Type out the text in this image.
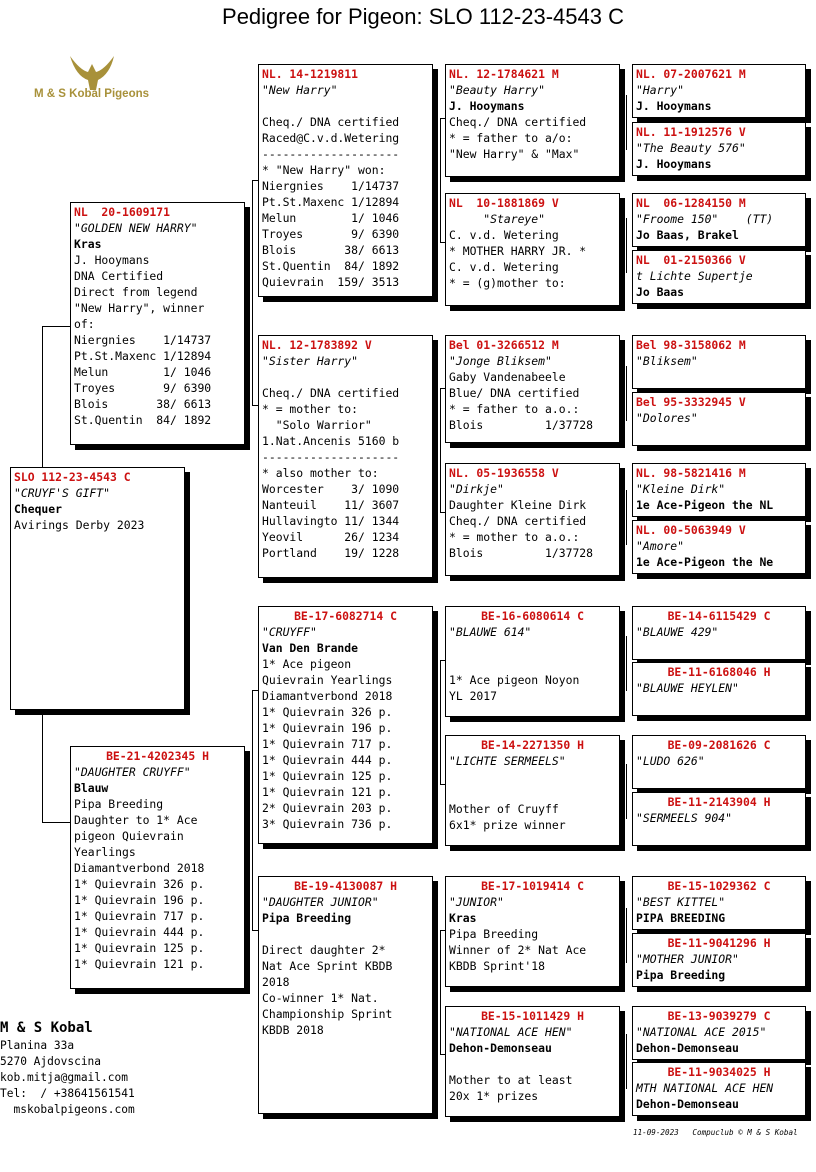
Pedigree for Pigeon: SLO 112-23-4543 C
M & S Kobal Pigeons
SLO 112-23-4543 C
"CRUYF'S GIFT"
Chequer
Avirings Derby 2023
NL  20-1609171
"GOLDEN NEW HARRY"
Kras
J. Hooymans
DNA Certified
Direct from legend
"New Harry", winner
of:
Niergnies    1/14737
Pt.St.Maxenc 1/12894
Melun        1/ 1046
Troyes       9/ 6390
Blois       38/ 6613
St.Quentin  84/ 1892
BE-21-4202345 H
"DAUGHTER CRUYFF"
Blauw
Pipa Breeding
Daughter to 1* Ace
pigeon Quievrain
Yearlings
Diamantverbond 2018
1* Quievrain 326 p.
1* Quievrain 196 p.
1* Quievrain 717 p.
1* Quievrain 444 p.
1* Quievrain 125 p.
1* Quievrain 121 p.
NL. 14-1219811
"New Harry"
Cheq./ DNA certified
Raced@C.v.d.Wetering
--------------------
* "New Harry" won:
Niergnies    1/14737
Pt.St.Maxenc 1/12894
Melun        1/ 1046
Troyes       9/ 6390
Blois       38/ 6613
St.Quentin  84/ 1892
Quievrain  159/ 3513
NL. 12-1783892 V
"Sister Harry"
Cheq./ DNA certified
* = mother to:
"Solo Warrior"
1.Nat.Ancenis 5160 b
--------------------
* also mother to:
Worcester    3/ 1090
Nanteuil    11/ 3607
Hullavingto 11/ 1344
Yeovil      26/ 1234
Portland    19/ 1228
BE-17-6082714 C
"CRUYFF"
Van Den Brande
1* Ace pigeon
Quievrain Yearlings
Diamantverbond 2018
1* Quievrain 326 p.
1* Quievrain 196 p.
1* Quievrain 717 p.
1* Quievrain 444 p.
1* Quievrain 125 p.
1* Quievrain 121 p.
2* Quievrain 203 p.
3* Quievrain 736 p.
BE-19-4130087 H
"DAUGHTER JUNIOR"
Pipa Breeding
Direct daughter 2*
Nat Ace Sprint KBDB
2018
Co-winner 1* Nat.
Championship Sprint
KBDB 2018
NL. 12-1784621 M
"Beauty Harry"
J. Hooymans
Cheq./ DNA certified
* = father to a/o:
"New Harry" & "Max"
NL  10-1881869 V
"Stareye"
C. v.d. Wetering
* MOTHER HARRY JR. *
C. v.d. Wetering
* = (g)mother to:
Bel 01-3266512 M
"Jonge Bliksem"
Gaby Vandenabeele
Blue/ DNA certified
* = father to a.o.:
Blois         1/37728
NL. 05-1936558 V
"Dirkje"
Daughter Kleine Dirk
Cheq./ DNA certified
* = mother to a.o.:
Blois         1/37728
BE-16-6080614 C
"BLAUWE 614"
1* Ace pigeon Noyon
YL 2017
BE-14-2271350 H
"LICHTE SERMEELS"
Mother of Cruyff
6x1* prize winner
BE-17-1019414 C
"JUNIOR"
Kras
Pipa Breeding
Winner of 2* Nat Ace
KBDB Sprint'18
BE-15-1011429 H
"NATIONAL ACE HEN"
Dehon-Demonseau
Mother to at least
20x 1* prizes
NL. 07-2007621 M
"Harry"
J. Hooymans
NL. 11-1912576 V
"The Beauty 576"
J. Hooymans
NL  06-1284150 M
"Froome 150"    (TT)
Jo Baas, Brakel
NL  01-2150366 V
t Lichte Supertje
Jo Baas
Bel 98-3158062 M
"Bliksem"
Bel 95-3332945 V
"Dolores"
NL. 98-5821416 M
"Kleine Dirk"
1e Ace-Pigeon the NL
NL. 00-5063949 V
"Amore"
1e Ace-Pigeon the Ne
BE-14-6115429 C
"BLAUWE 429"
BE-11-6168046 H
"BLAUWE HEYLEN"
BE-09-2081626 C
"LUDO 626"
BE-11-2143904 H
"SERMEELS 904"
BE-15-1029362 C
"BEST KITTEL"
PIPA BREEDING
BE-11-9041296 H
"MOTHER JUNIOR"
Pipa Breeding
BE-13-9039279 C
"NATIONAL ACE 2015"
Dehon-Demonseau
BE-11-9034025 H
MTH NATIONAL ACE HEN
Dehon-Demonseau
M & S Kobal
Planina 33a
5270 Ajdovscina
kob.mitja@gmail.com
Tel:  / +38641561541
mskobalpigeons.com
11-09-2023   Compuclub © M & S Kobal
